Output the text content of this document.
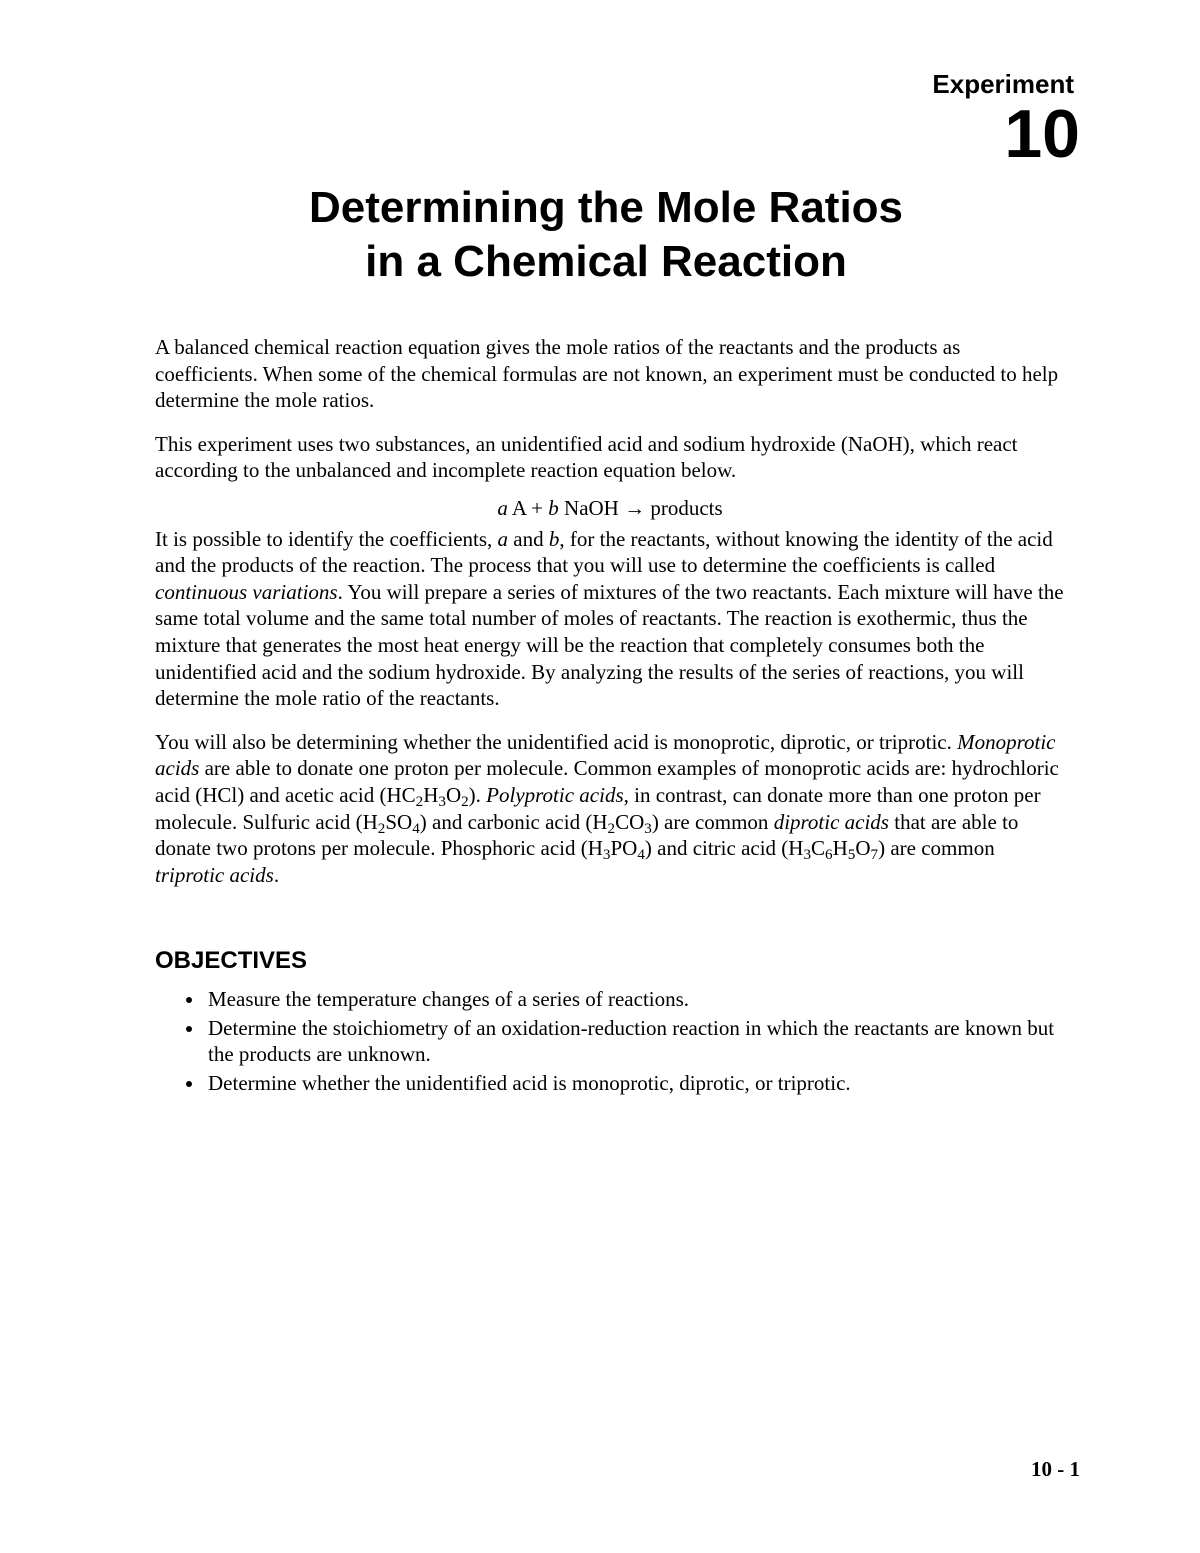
Experiment

10

Determining the Mole Ratios
in a Chemical Reaction

A balanced chemical reaction equation gives the mole ratios of the reactants and the products as coefficients. When some of the chemical formulas are not known, an experiment must be conducted to help determine the mole ratios.

This experiment uses two substances, an unidentified acid and sodium hydroxide (NaOH), which react according to the unbalanced and incomplete reaction equation below.

a A + b NaOH → products

It is possible to identify the coefficients, a and b, for the reactants, without knowing the identity of the acid and the products of the reaction. The process that you will use to determine the coefficients is called continuous variations. You will prepare a series of mixtures of the two reactants. Each mixture will have the same total volume and the same total number of moles of reactants. The reaction is exothermic, thus the mixture that generates the most heat energy will be the reaction that completely consumes both the unidentified acid and the sodium hydroxide. By analyzing the results of the series of reactions, you will determine the mole ratio of the reactants.

You will also be determining whether the unidentified acid is monoprotic, diprotic, or triprotic. Monoprotic acids are able to donate one proton per molecule. Common examples of monoprotic acids are: hydrochloric acid (HCl) and acetic acid $(HC_2H_3O_2)$. Polyprotic acids, in contrast, can donate more than one proton per molecule. Sulfuric acid $(H_2SO_4)$ and carbonic acid $(H_2CO_3)$ are common diprotic acids that are able to donate two protons per molecule. Phosphoric acid $(H_3PO_4)$ and citric acid $(H_3C_6H_5O_7)$ are common triprotic acids.

OBJECTIVES
Measure the temperature changes of a series of reactions.
Determine the stoichiometry of an oxidation-reduction reaction in which the reactants are known but the products are unknown.
Determine whether the unidentified acid is monoprotic, diprotic, or triprotic.

10 - 1
